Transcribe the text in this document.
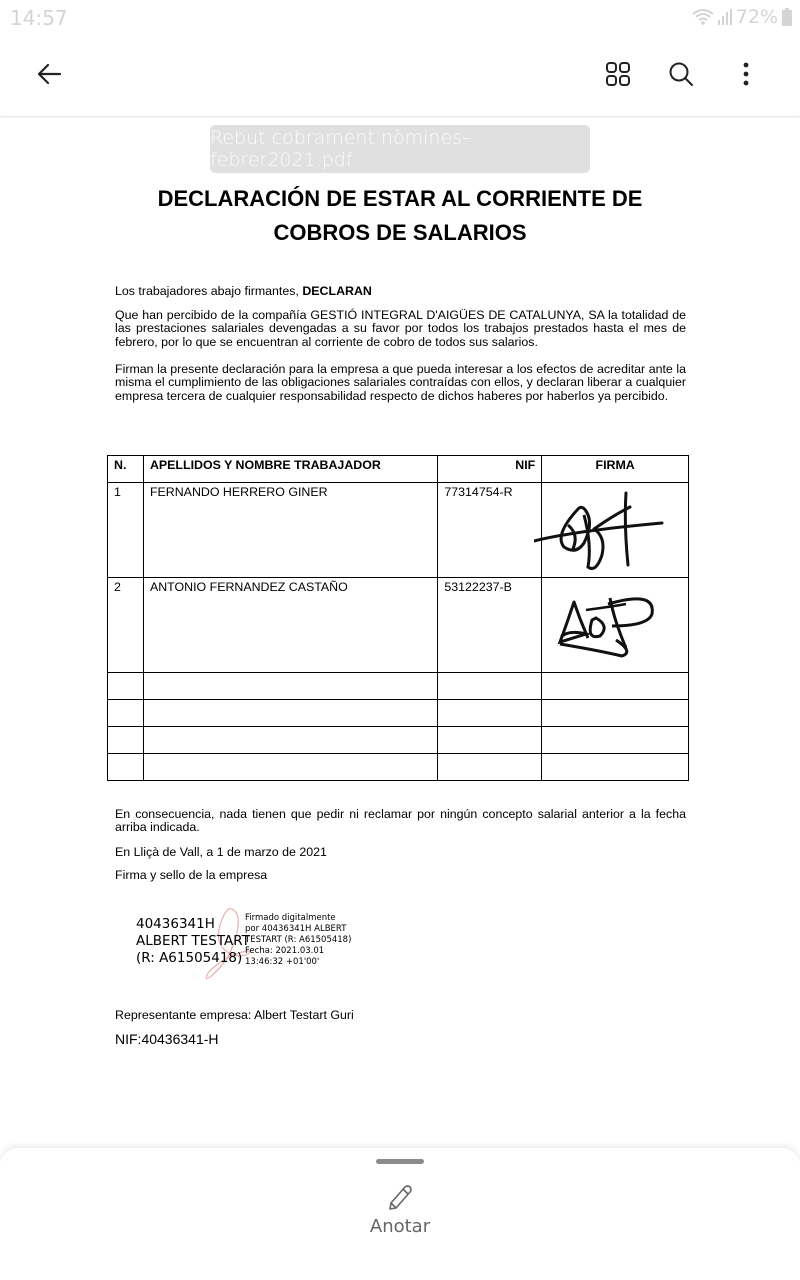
14:57	72%
Rebut cobrament nòmines–febrer2021.pdf
DECLARACIÓN DE ESTAR AL CORRIENTE DE
COBROS DE SALARIOS
Los trabajadores abajo firmantes, DECLARAN
Que han percibido de la compañía GESTIÓ INTEGRAL D'AIGÜES DE CATALUNYA, SA la totalidad de las prestaciones salariales devengadas a su favor por todos los trabajos prestados hasta el mes de febrero, por lo que se encuentran al corriente de cobro de todos sus salarios.
Firman la presente declaración para la empresa a que pueda interesar a los efectos de acreditar ante la misma el cumplimiento de las obligaciones salariales contraídas con ellos, y declaran liberar a cualquier empresa tercera de cualquier responsabilidad respecto de dichos haberes por haberlos ya percibido.
N.	APELLIDOS Y NOMBRE TRABAJADOR	NIF	FIRMA
1	FERNANDO HERRERO GINER	77314754-R	

2	ANTONIO FERNANDEZ CASTAÑO	53122237-B	

En consecuencia, nada tienen que pedir ni reclamar por ningún concepto salarial anterior a la fecha arriba indicada.
En Lliçà de Vall, a 1 de marzo de 2021
Firma y sello de la empresa
40436341H
ALBERT TESTART
(R: A61505418)
Firmado digitalmente
por 40436341H ALBERT
TESTART (R: A61505418)
Fecha: 2021.03.01
13:46:32 +01'00'
Representante empresa: Albert Testart Guri
NIF:40436341-H
Anotar
